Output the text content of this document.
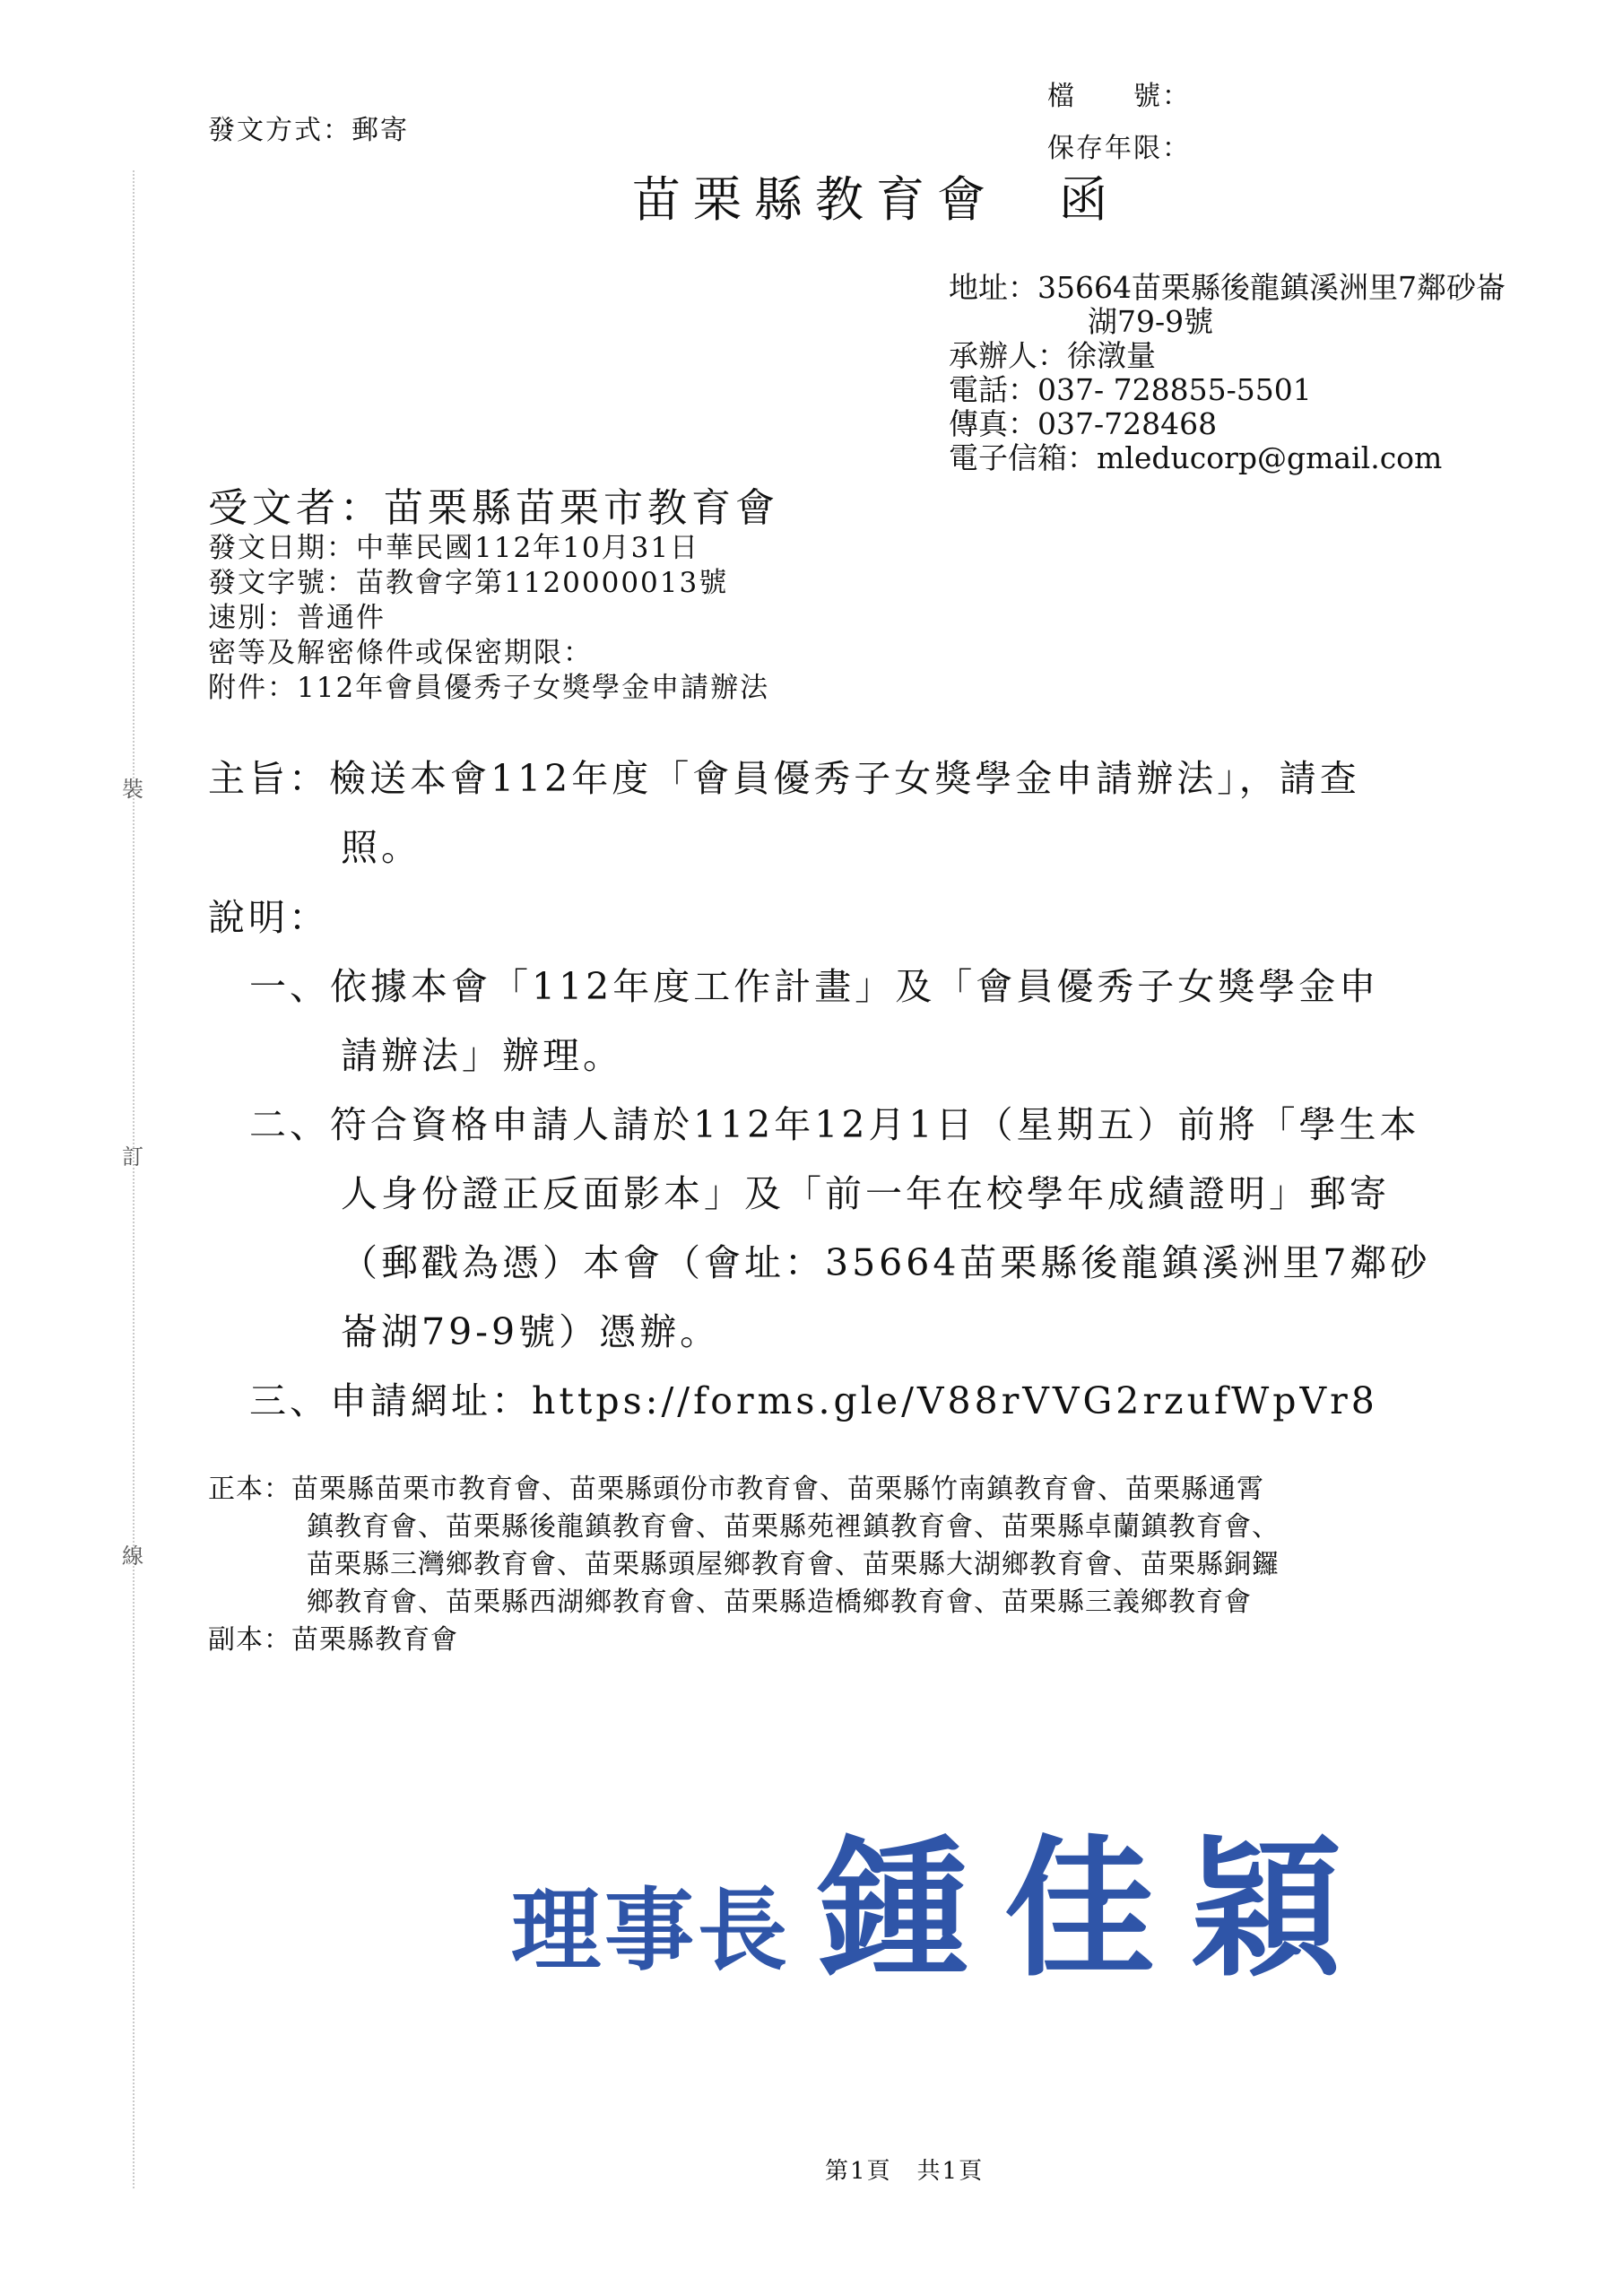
裝
訂
線
發文方式：郵寄
檔　　號：
保存年限：
苗栗縣教育會　函
地址：35664苗栗縣後龍鎮溪洲里7鄰砂崙
湖79-9號
承辦人：徐潡量
電話：037- 728855-5501
傳真：037-728468
電子信箱：mleducorp@gmail.com
受文者：苗栗縣苗栗市教育會
發文日期：中華民國112年10月31日
發文字號：苗教會字第1120000013號
速別：普通件
密等及解密條件或保密期限：
附件：112年會員優秀子女獎學金申請辦法
主旨：檢送本會112年度「會員優秀子女獎學金申請辦法」，請查
照。
說明：
一、依據本會「112年度工作計畫」及「會員優秀子女獎學金申
請辦法」辦理。
二、符合資格申請人請於112年12月1日（星期五）前將「學生本
人身份證正反面影本」及「前一年在校學年成績證明」郵寄
（郵戳為憑）本會（會址：35664苗栗縣後龍鎮溪洲里7鄰砂
崙湖79-9號）憑辦。
三、申請網址：https://forms.gle/V88rVVG2rzufWpVr8
正本：苗栗縣苗栗市教育會、苗栗縣頭份市教育會、苗栗縣竹南鎮教育會、苗栗縣通霄
鎮教育會、苗栗縣後龍鎮教育會、苗栗縣苑裡鎮教育會、苗栗縣卓蘭鎮教育會、
苗栗縣三灣鄉教育會、苗栗縣頭屋鄉教育會、苗栗縣大湖鄉教育會、苗栗縣銅鑼
鄉教育會、苗栗縣西湖鄉教育會、苗栗縣造橋鄉教育會、苗栗縣三義鄉教育會
副本：苗栗縣教育會
理事長 鍾佳穎
第1頁　共1頁
